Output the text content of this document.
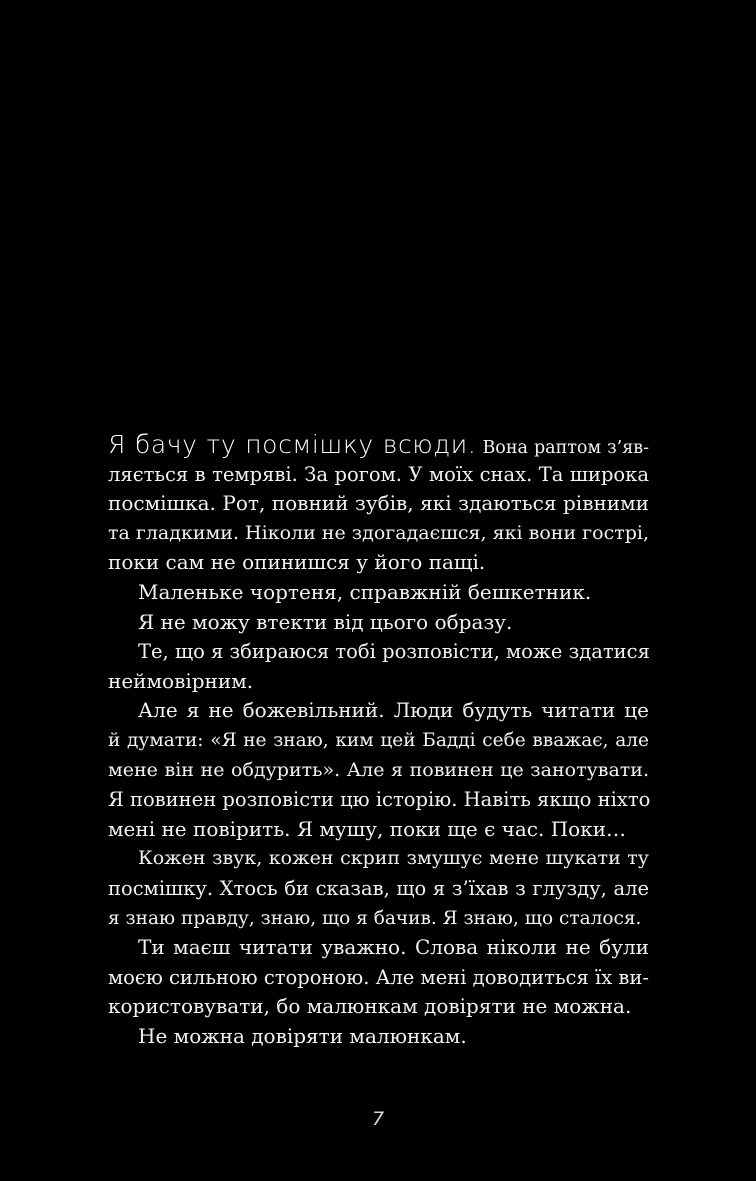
Я бачу ту посмішку всюди. Вона раптом з’яв-
ляється в темряві. За рогом. У моїх снах. Та широка
посмішка. Рот, повний зубів, які здаються рівними
та гладкими. Ніколи не здогадаєшся, які вони гострі,
поки сам не опинишся у його пащі.
Маленьке чортеня, справжній бешкетник.
Я не можу втекти від цього образу.
Те, що я збираюся тобі розповісти, може здатися
неймовірним.
Але я не божевільний. Люди будуть читати це
й думати: «Я не знаю, ким цей Бадді себе вважає, але
мене він не обдурить». Але я повинен це занотувати.
Я повинен розповісти цю історію. Навіть якщо ніхто
мені не повірить. Я мушу, поки ще є час. Поки…
Кожен звук, кожен скрип змушує мене шукати ту
посмішку. Хтось би сказав, що я з’їхав з глузду, але
я знаю правду, знаю, що я бачив. Я знаю, що сталося.
Ти маєш читати уважно. Слова ніколи не були
моєю сильною стороною. Але мені доводиться їх ви-
користовувати, бо малюнкам довіряти не можна.
Не можна довіряти малюнкам.
7
